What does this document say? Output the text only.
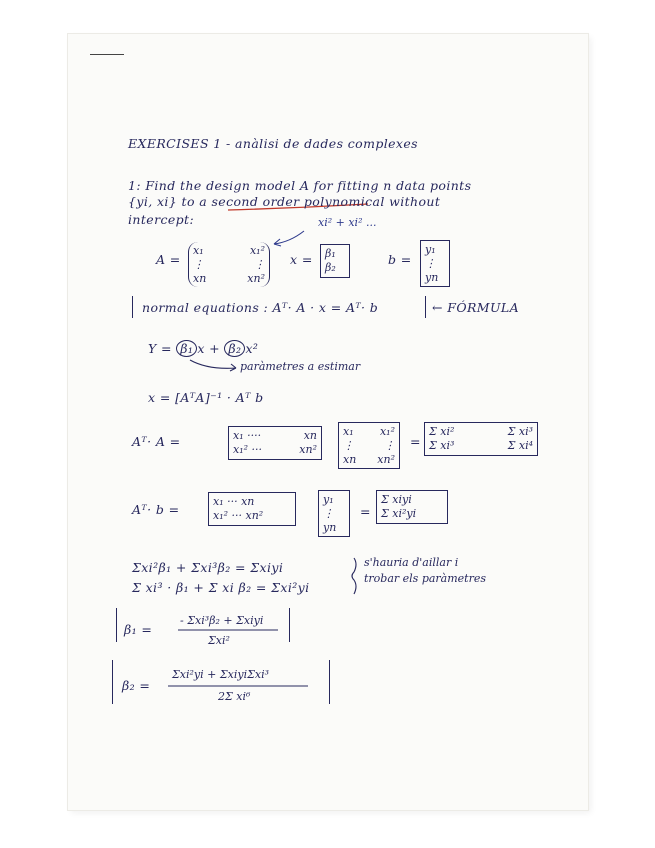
EXERCISES 1 - anàlisi de dades complexes
1: Find the design model A for fitting n data points
{yi, xi} to a second order polynomical without
intercept:	xi² + xi² ...
A =
x₁	x₁²
⋮	⋮
xn	xn²
x = β₁
β₂
b =
y₁
⋮
yn
normal equations : Aᵀ· A · x = Aᵀ· b	← FÓRMULA
Y = β₁ x + β₂ x²
paràmetres a estimar
x = [AᵀA]⁻¹ · Aᵀ b
Aᵀ· A =	x₁ ····	xn
x₁² ···	xn²
x₁ x₁²
⋮	⋮
xn xn²
=
Σ xi²	Σ xi³
Σ xi³	Σ xi⁴
Aᵀ· b =
x₁ ··· xn
x₁² ··· xn²
y₁
⋮
yn
=
Σ xiyi
Σ xi²yi
Σxi²β₁ + Σxi³β₂ = Σxiyi
Σ xi³ · β₁ + Σ xi β₂ = Σxi²yi
s'hauria d'aillar i
trobar els paràmetres
β₁ =
- Σxi³β₂ + Σxiyi
Σxi²
β₂ =
Σxi²yi + ΣxiyiΣxi³
2Σ xi⁶
